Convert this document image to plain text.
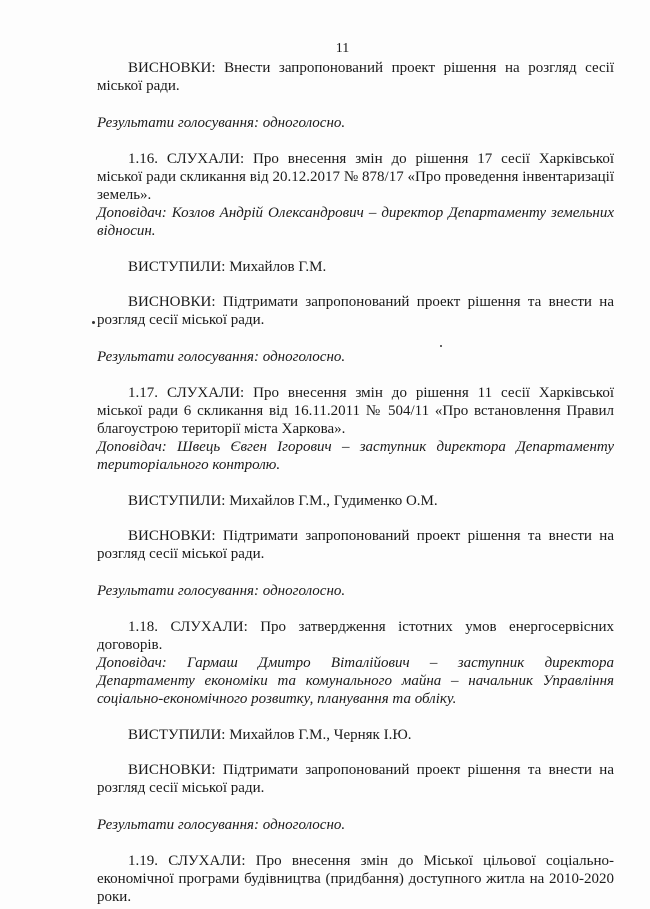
11

ВИСНОВКИ: Внести запропонований проект рішення на розгляд сесії міської ради.

Результати голосування: одноголосно.

1.16. СЛУХАЛИ: Про внесення змін до рішення 17 сесії Харківської міської ради скликання від 20.12.2017 № 878/17 «Про проведення інвентаризації земель».

Доповідач: Козлов Андрій Олександрович – директор Департаменту земельних відносин.

ВИСТУПИЛИ: Михайлов Г.М.

ВИСНОВКИ: Підтримати запропонований проект рішення та внести на розгляд сесії міської ради.

Результати голосування: одноголосно.

1.17. СЛУХАЛИ: Про внесення змін до рішення 11 сесії Харківської міської ради 6 скликання від 16.11.2011 № 504/11 «Про встановлення Правил благоустрою території міста Харкова».

Доповідач: Швець Євген Ігорович – заступник директора Департаменту територіального контролю.

ВИСТУПИЛИ: Михайлов Г.М., Гудименко О.М.

ВИСНОВКИ: Підтримати запропонований проект рішення та внести на розгляд сесії міської ради.

Результати голосування: одноголосно.

1.18. СЛУХАЛИ: Про затвердження істотних умов енергосервісних договорів.

Доповідач: Гармаш Дмитро Віталійович – заступник директора Департаменту економіки та комунального майна – начальник Управління соціально-економічного розвитку, планування та обліку.

ВИСТУПИЛИ: Михайлов Г.М., Черняк І.Ю.

ВИСНОВКИ: Підтримати запропонований проект рішення та внести на розгляд сесії міської ради.

Результати голосування: одноголосно.

1.19. СЛУХАЛИ: Про внесення змін до Міської цільової соціально-економічної програми будівництва (придбання) доступного житла на 2010-2020 роки.
